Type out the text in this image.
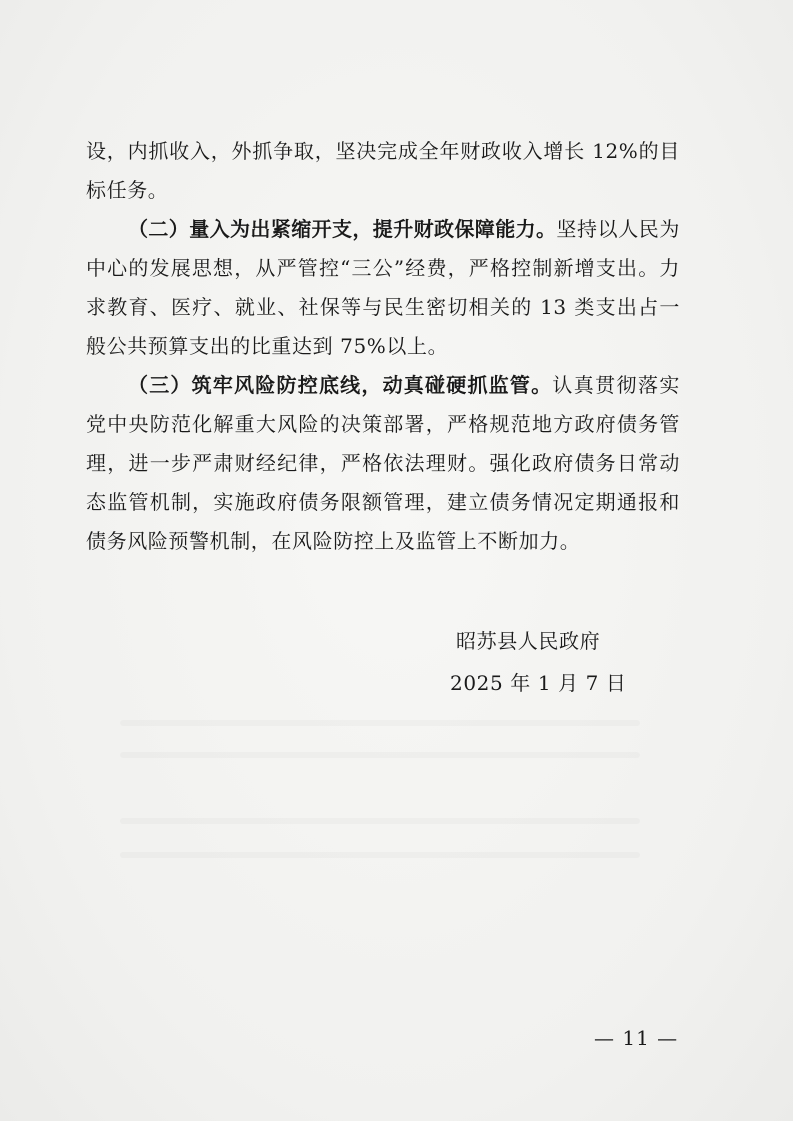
设，内抓收入，外抓争取，坚决完成全年财政收入增长 12%的目标任务。

（二）量入为出紧缩开支，提升财政保障能力。坚持以人民为中心的发展思想，从严管控“三公”经费，严格控制新增支出。力求教育、医疗、就业、社保等与民生密切相关的 13 类支出占一般公共预算支出的比重达到 75%以上。

（三）筑牢风险防控底线，动真碰硬抓监管。认真贯彻落实党中央防范化解重大风险的决策部署，严格规范地方政府债务管理，进一步严肃财经纪律，严格依法理财。强化政府债务日常动态监管机制，实施政府债务限额管理，建立债务情况定期通报和债务风险预警机制，在风险防控上及监管上不断加力。

昭苏县人民政府
2025 年 1 月 7 日
— 11 —
